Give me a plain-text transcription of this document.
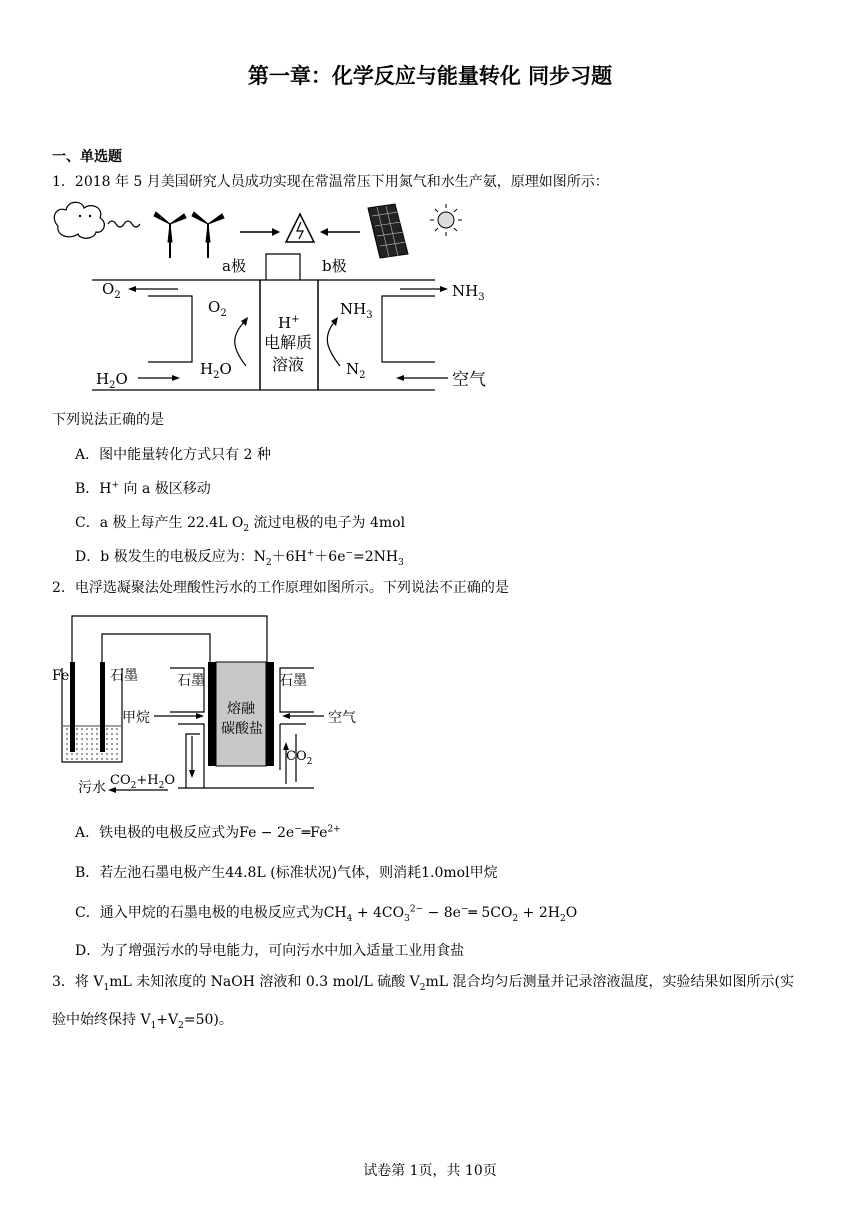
第一章：化学反应与能量转化 同步习题
一、单选题
1．2018 年 5 月美国研究人员成功实现在常温常压下用氮气和水生产氨，原理如图所示：
a极	b极
$O_2$	$NH_3$
$O_2$	$NH_3$
H+
电解质
溶液
$H_2O$	$N_2$
$H_2O$	空气
下列说法正确的是
A．图中能量转化方式只有 2 种
B．H+ 向 a 极区移动
C．a 极上每产生 22.4L $O_2$ 流过电极的电子为 4mol
D．b 极发生的电极反应为：$N_2+6H^++6e^-=2NH_3$
2．电浮选凝聚法处理酸性污水的工作原理如图所示。下列说法不正确的是
Fe	石墨	石墨	石墨
熔融
碳酸盐
甲烷	空气
$CO_2$
$CO_2+H_2O$
污水
A．铁电极的电极反应式为$Fe - 2e^-═Fe^{2+}$
B．若左池石墨电极产生44.8L (标准状况)气体，则消耗1.0mol甲烷
C．通入甲烷的石墨电极的电极反应式为$CH_4 + 4CO_3^{2-}$ − 8e−═ $5CO_2 + 2H_2O$
D．为了增强污水的导电能力，可向污水中加入适量工业用食盐
3．将 $V_1mL$ 未知浓度的 NaOH 溶液和 0.3 mol/L 硫酸 $V_2mL$ 混合均匀后测量并记录溶液温度，实验结果如图所示(实
验中始终保持 $V_1+V_2=50$)。
试卷第 1页，共 10页
